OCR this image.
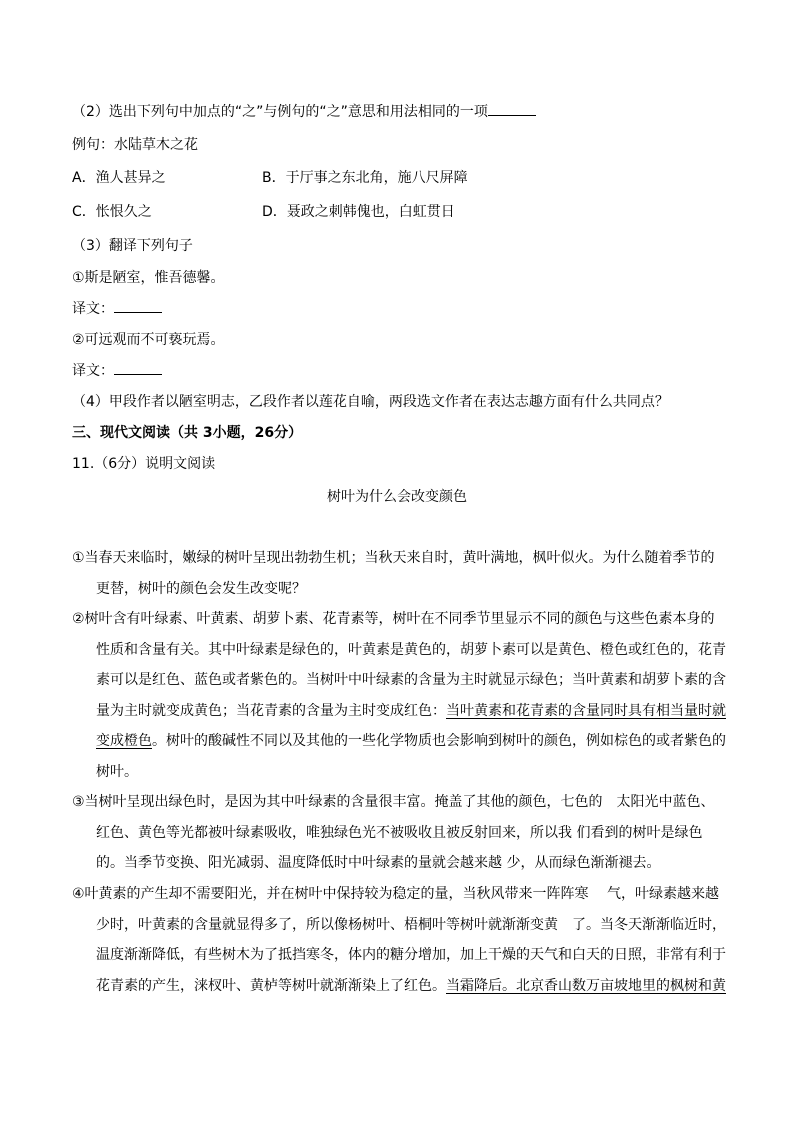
（2）选出下列句中加点的“之”与例句的“之”意思和用法相同的一项
例句：水陆草木之花
A．渔人甚异之	B．于厅事之东北角，施八尺屏障
C．怅恨久之	D．聂政之刺韩傀也，白虹贯日
（3）翻译下列句子
①斯是陋室，惟吾德馨。
译文：
②可远观而不可亵玩焉。
译文：
（4）甲段作者以陋室明志，乙段作者以莲花自喻，两段选文作者在表达志趣方面有什么共同点？
三、现代文阅读（共 3小题，26分）
11.（6分）说明文阅读
树叶为什么会改变颜色
①当春天来临时，嫩绿的树叶呈现出勃勃生机；当秋天来自时，黄叶满地，枫叶似火。为什么随着季节的更替，树叶的颜色会发生改变呢？
②树叶含有叶绿素、叶黄素、胡萝卜素、花青素等，树叶在不同季节里显示不同的颜色与这些色素本身的性质和含量有关。其中叶绿素是绿色的，叶黄素是黄色的，胡萝卜素可以是黄色、橙色或红色的，花青素可以是红色、蓝色或者紫色的。当树叶中叶绿素的含量为主时就显示绿色；当叶黄素和胡萝卜素的含量为主时就变成黄色；当花青素的含量为主时变成红色：当叶黄素和花青素的含量同时具有相当量时就变成橙色。树叶的酸碱性不同以及其他的一些化学物质也会影响到树叶的颜色，例如棕色的或者紫色的树叶。
③当树叶呈现出绿色时，是因为其中叶绿素的含量很丰富。掩盖了其他的颜色，七色的　太阳光中蓝色、红色、黄色等光都被叶绿素吸收，唯独绿色光不被吸收且被反射回来，所以我 们看到的树叶是绿色的。当季节变换、阳光减弱、温度降低时中叶绿素的量就会越来越 少，从而绿色渐渐褪去。
④叶黄素的产生却不需要阳光，并在树叶中保持较为稳定的量，当秋风带来一阵阵寒　 气，叶绿素越来越少时，叶黄素的含量就显得多了，所以像杨树叶、梧桐叶等树叶就渐渐变黄　了。当冬天渐渐临近时，温度渐渐降低，有些树木为了抵挡寒冬，体内的糖分增加，加上干燥的天气和白天的日照，非常有利于花青素的产生，涞杈叶、黄栌等树叶就渐渐染上了红色。当霜降后。北京香山数万亩坡地里的枫树和黄
